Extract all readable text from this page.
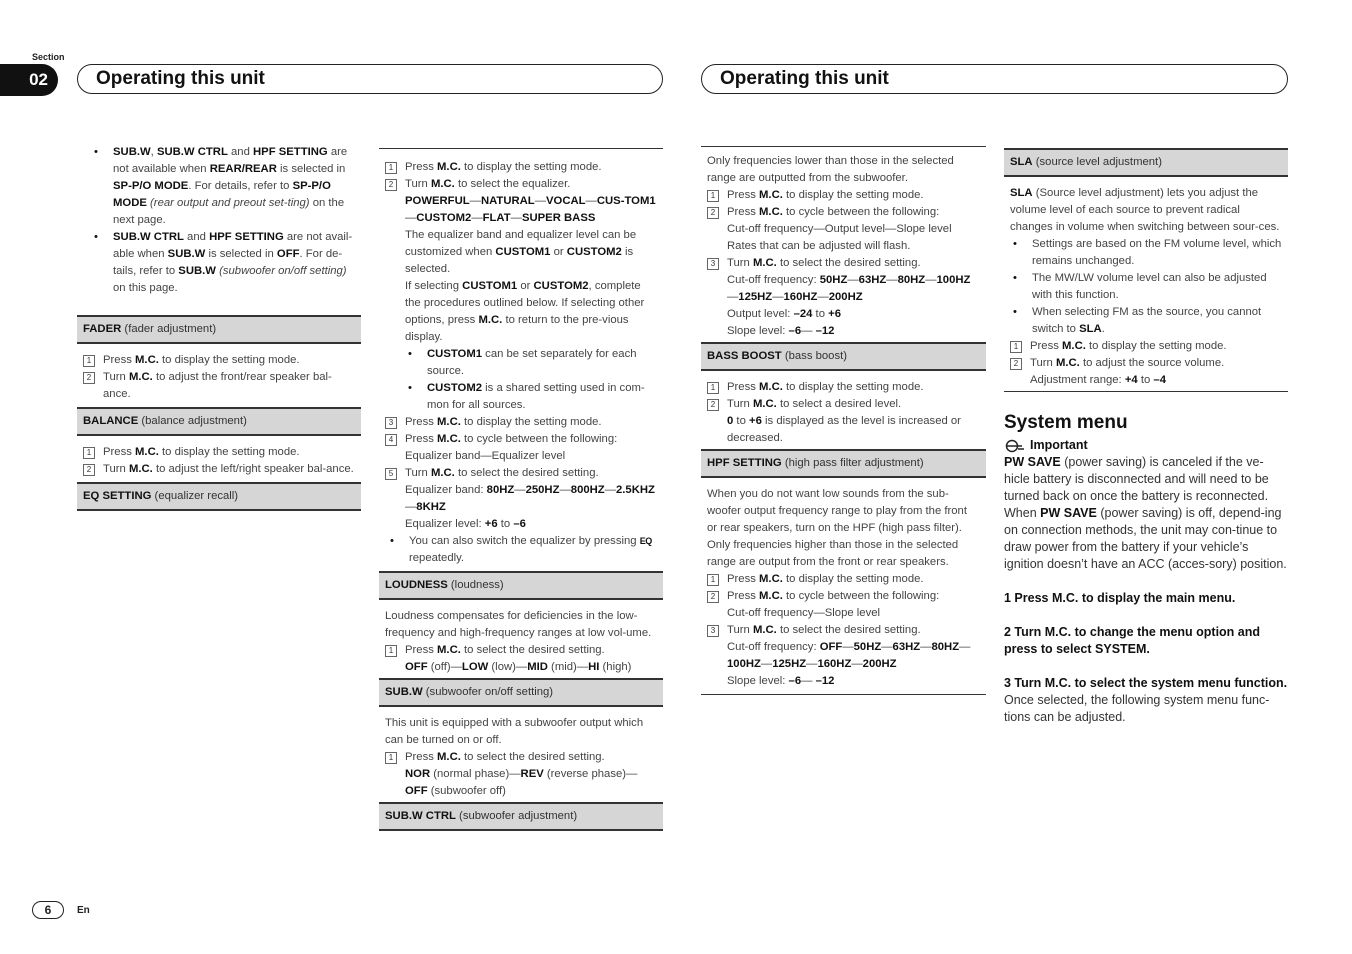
Section
02	Operating this unit	Operating this unit
•	SUB.W, SUB.W CTRL and HPF SETTING are not available when REAR/REAR is selected in SP-P/O MODE. For details, refer to SP-P/O MODE (rear output and preout set-ting) on the next page.
•	SUB.W CTRL and HPF SETTING are not avail-able when SUB.W is selected in OFF. For de-tails, refer to SUB.W (subwoofer on/off setting) on this page.
FADER (fader adjustment)
1	Press M.C. to display the setting mode.
2	Turn M.C. to adjust the front/rear speaker bal-ance.
BALANCE (balance adjustment)
1	Press M.C. to display the setting mode.
2	Turn M.C. to adjust the left/right speaker bal-ance.
EQ SETTING (equalizer recall)
1	Press M.C. to display the setting mode.
2	Turn M.C. to select the equalizer.
POWERFUL—NATURAL—VOCAL—CUS-TOM1—CUSTOM2—FLAT—SUPER BASS
The equalizer band and equalizer level can be customized when CUSTOM1 or CUSTOM2 is selected.
If selecting CUSTOM1 or CUSTOM2, complete the procedures outlined below. If selecting other options, press M.C. to return to the pre-vious display.
•	CUSTOM1 can be set separately for each source.
•	CUSTOM2 is a shared setting used in com-mon for all sources.
3	Press M.C. to display the setting mode.
4	Press M.C. to cycle between the following:
Equalizer band—Equalizer level
5	Turn M.C. to select the desired setting.
Equalizer band: 80HZ—250HZ—800HZ—2.5KHZ—8KHZ
Equalizer level: +6 to –6
•	You can also switch the equalizer by pressing EQ repeatedly.
LOUDNESS (loudness)
Loudness compensates for deficiencies in the low-frequency and high-frequency ranges at low vol-ume.
1	Press M.C. to select the desired setting.
OFF (off)—LOW (low)—MID (mid)—HI (high)
SUB.W (subwoofer on/off setting)
This unit is equipped with a subwoofer output which can be turned on or off.
1	Press M.C. to select the desired setting.
NOR (normal phase)—REV (reverse phase)—OFF (subwoofer off)
SUB.W CTRL (subwoofer adjustment)
Only frequencies lower than those in the selected range are outputted from the subwoofer.
1	Press M.C. to display the setting mode.
2	Press M.C. to cycle between the following:
Cut-off frequency—Output level—Slope level
Rates that can be adjusted will flash.
3	Turn M.C. to select the desired setting.
Cut-off frequency: 50HZ—63HZ—80HZ—100HZ—125HZ—160HZ—200HZ
Output level: –24 to +6
Slope level: –6— –12
BASS BOOST (bass boost)
1	Press M.C. to display the setting mode.
2	Turn M.C. to select a desired level.
0 to +6 is displayed as the level is increased or decreased.
HPF SETTING (high pass filter adjustment)
When you do not want low sounds from the sub-woofer output frequency range to play from the front or rear speakers, turn on the HPF (high pass filter). Only frequencies higher than those in the selected range are output from the front or rear speakers.
1	Press M.C. to display the setting mode.
2	Press M.C. to cycle between the following:
Cut-off frequency—Slope level
3	Turn M.C. to select the desired setting.
Cut-off frequency: OFF—50HZ—63HZ—80HZ—100HZ—125HZ—160HZ—200HZ
Slope level: –6— –12
SLA (source level adjustment)
SLA (Source level adjustment) lets you adjust the volume level of each source to prevent radical changes in volume when switching between sour-ces.
•	Settings are based on the FM volume level, which remains unchanged.
•	The MW/LW volume level can also be adjusted with this function.
•	When selecting FM as the source, you cannot switch to SLA.
1	Press M.C. to display the setting mode.
2	Turn M.C. to adjust the source volume.
Adjustment range: +4 to –4
System menu
Important
PW SAVE (power saving) is canceled if the ve-hicle battery is disconnected and will need to be turned back on once the battery is reconnected. When PW SAVE (power saving) is off, depend-ing on connection methods, the unit may con-tinue to draw power from the battery if your vehicle’s ignition doesn’t have an ACC (acces-sory) position.
1 Press M.C. to display the main menu.
2 Turn M.C. to change the menu option and press to select SYSTEM.
3 Turn M.C. to select the system menu function.
Once selected, the following system menu func-tions can be adjusted.
6	En
